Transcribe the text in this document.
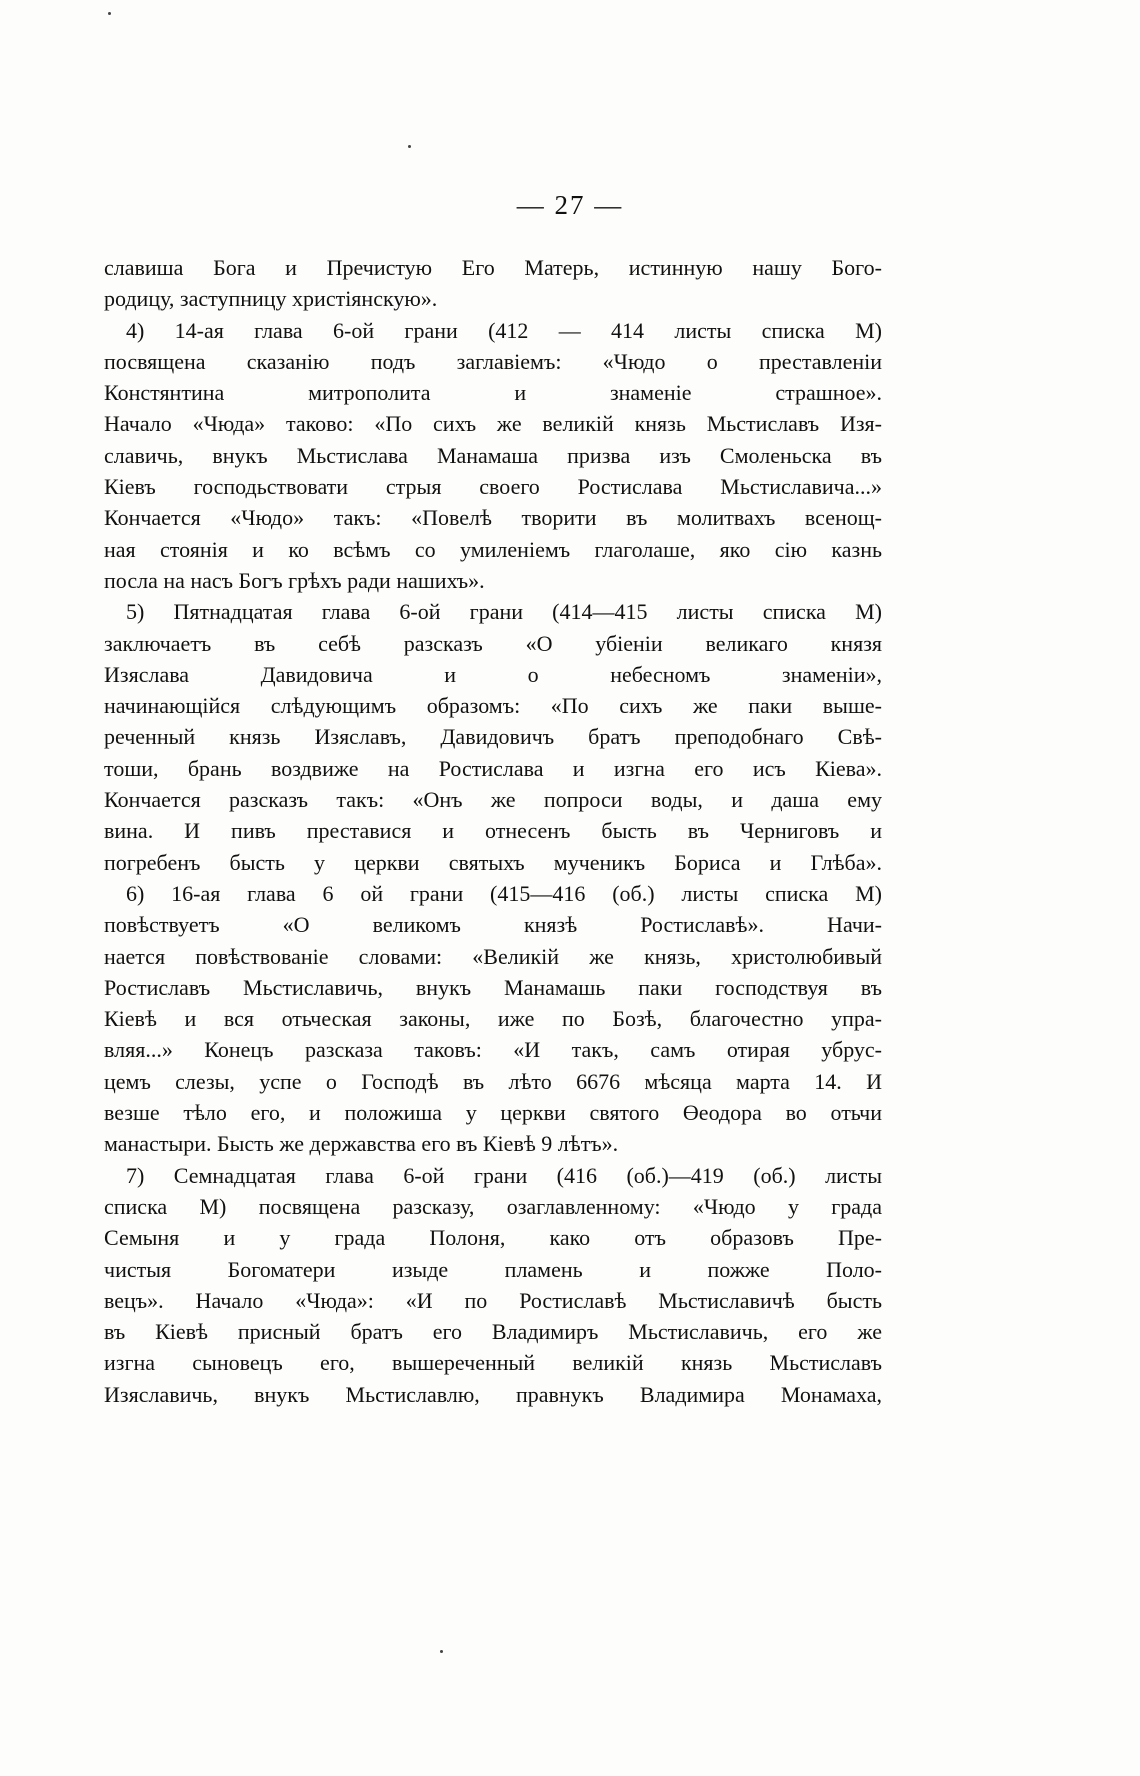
— 27 —
славиша Бога и Пречистую Его Матерь, истинную нашу Бого-
родицу, заступницу христіянскую».
4) 14-ая глава 6-ой грани (412 — 414 листы списка М)
посвящена сказанію подъ заглавіемъ: «Чюдо о преставленіи
Констянтина митрополита и знаменіе страшное».
Начало «Чюда» таково: «По сихъ же великій князь Мьстиславъ Изя-
славичь, внукъ Мьстислава Манамаша призва изъ Смоленьска въ
Кіевъ господьствовати стрыя своего Ростислава Мьстиславича...»
Кончается «Чюдо» такъ: «Повелѣ творити въ молитвахъ всенощ-
ная стоянія и ко всѣмъ со умиленіемъ глаголаше, яко сію казнь
посла на насъ Богъ грѣхъ ради нашихъ».
5) Пятнадцатая глава 6-ой грани (414—415 листы списка М)
заключаетъ въ себѣ разсказъ «О убіеніи великаго князя
Изяслава Давидовича и о небесномъ знаменіи»,
начинающійся слѣдующимъ образомъ: «По сихъ же паки выше-
реченный князь Изяславъ, Давидовичъ братъ преподобнаго Свѣ-
тоши, брань воздвиже на Ростислава и изгна его исъ Кіева».
Кончается разсказъ такъ: «Онъ же попроси воды, и даша ему
вина. И пивъ преставися и отнесенъ бысть въ Черниговъ и
погребенъ бысть у церкви святыхъ мученикъ Бориса и Глѣба».
6) 16-ая глава 6 ой грани (415—416 (об.) листы списка М)
повѣствуетъ «О великомъ князѣ Ростиславѣ». Начи-
нается повѣствованіе словами: «Великій же князь, христолюбивый
Ростиславъ Мьстиславичь, внукъ Манамашь паки господствуя въ
Кіевѣ и вся отьческая законы, иже по Бозѣ, благочестно упра-
вляя...» Конецъ разсказа таковъ: «И такъ, самъ отирая убрус-
цемъ слезы, успе о Господѣ въ лѣто 6676 мѣсяца марта 14. И
везше тѣло его, и положиша у церкви святого Өеодора во отьчи
манастыри. Бысть же державства его въ Кіевѣ 9 лѣтъ».
7) Семнадцатая глава 6-ой грани (416 (об.)—419 (об.) листы
списка М) посвящена разсказу, озаглавленному: «Чюдо у града
Семыня и у града Полоня, како отъ образовъ Пре-
чистыя Богоматери изыде пламень и пожже Поло-
вецъ». Начало «Чюда»: «И по Ростиславѣ Мьстиславичѣ бысть
въ Кіевѣ присный братъ его Владимиръ Мьстиславичь, его же
изгна сыновецъ его, вышереченный великій князь Мьстиславъ
Изяславичь, внукъ Мьстиславлю, правнукъ Владимира Монамаха,
